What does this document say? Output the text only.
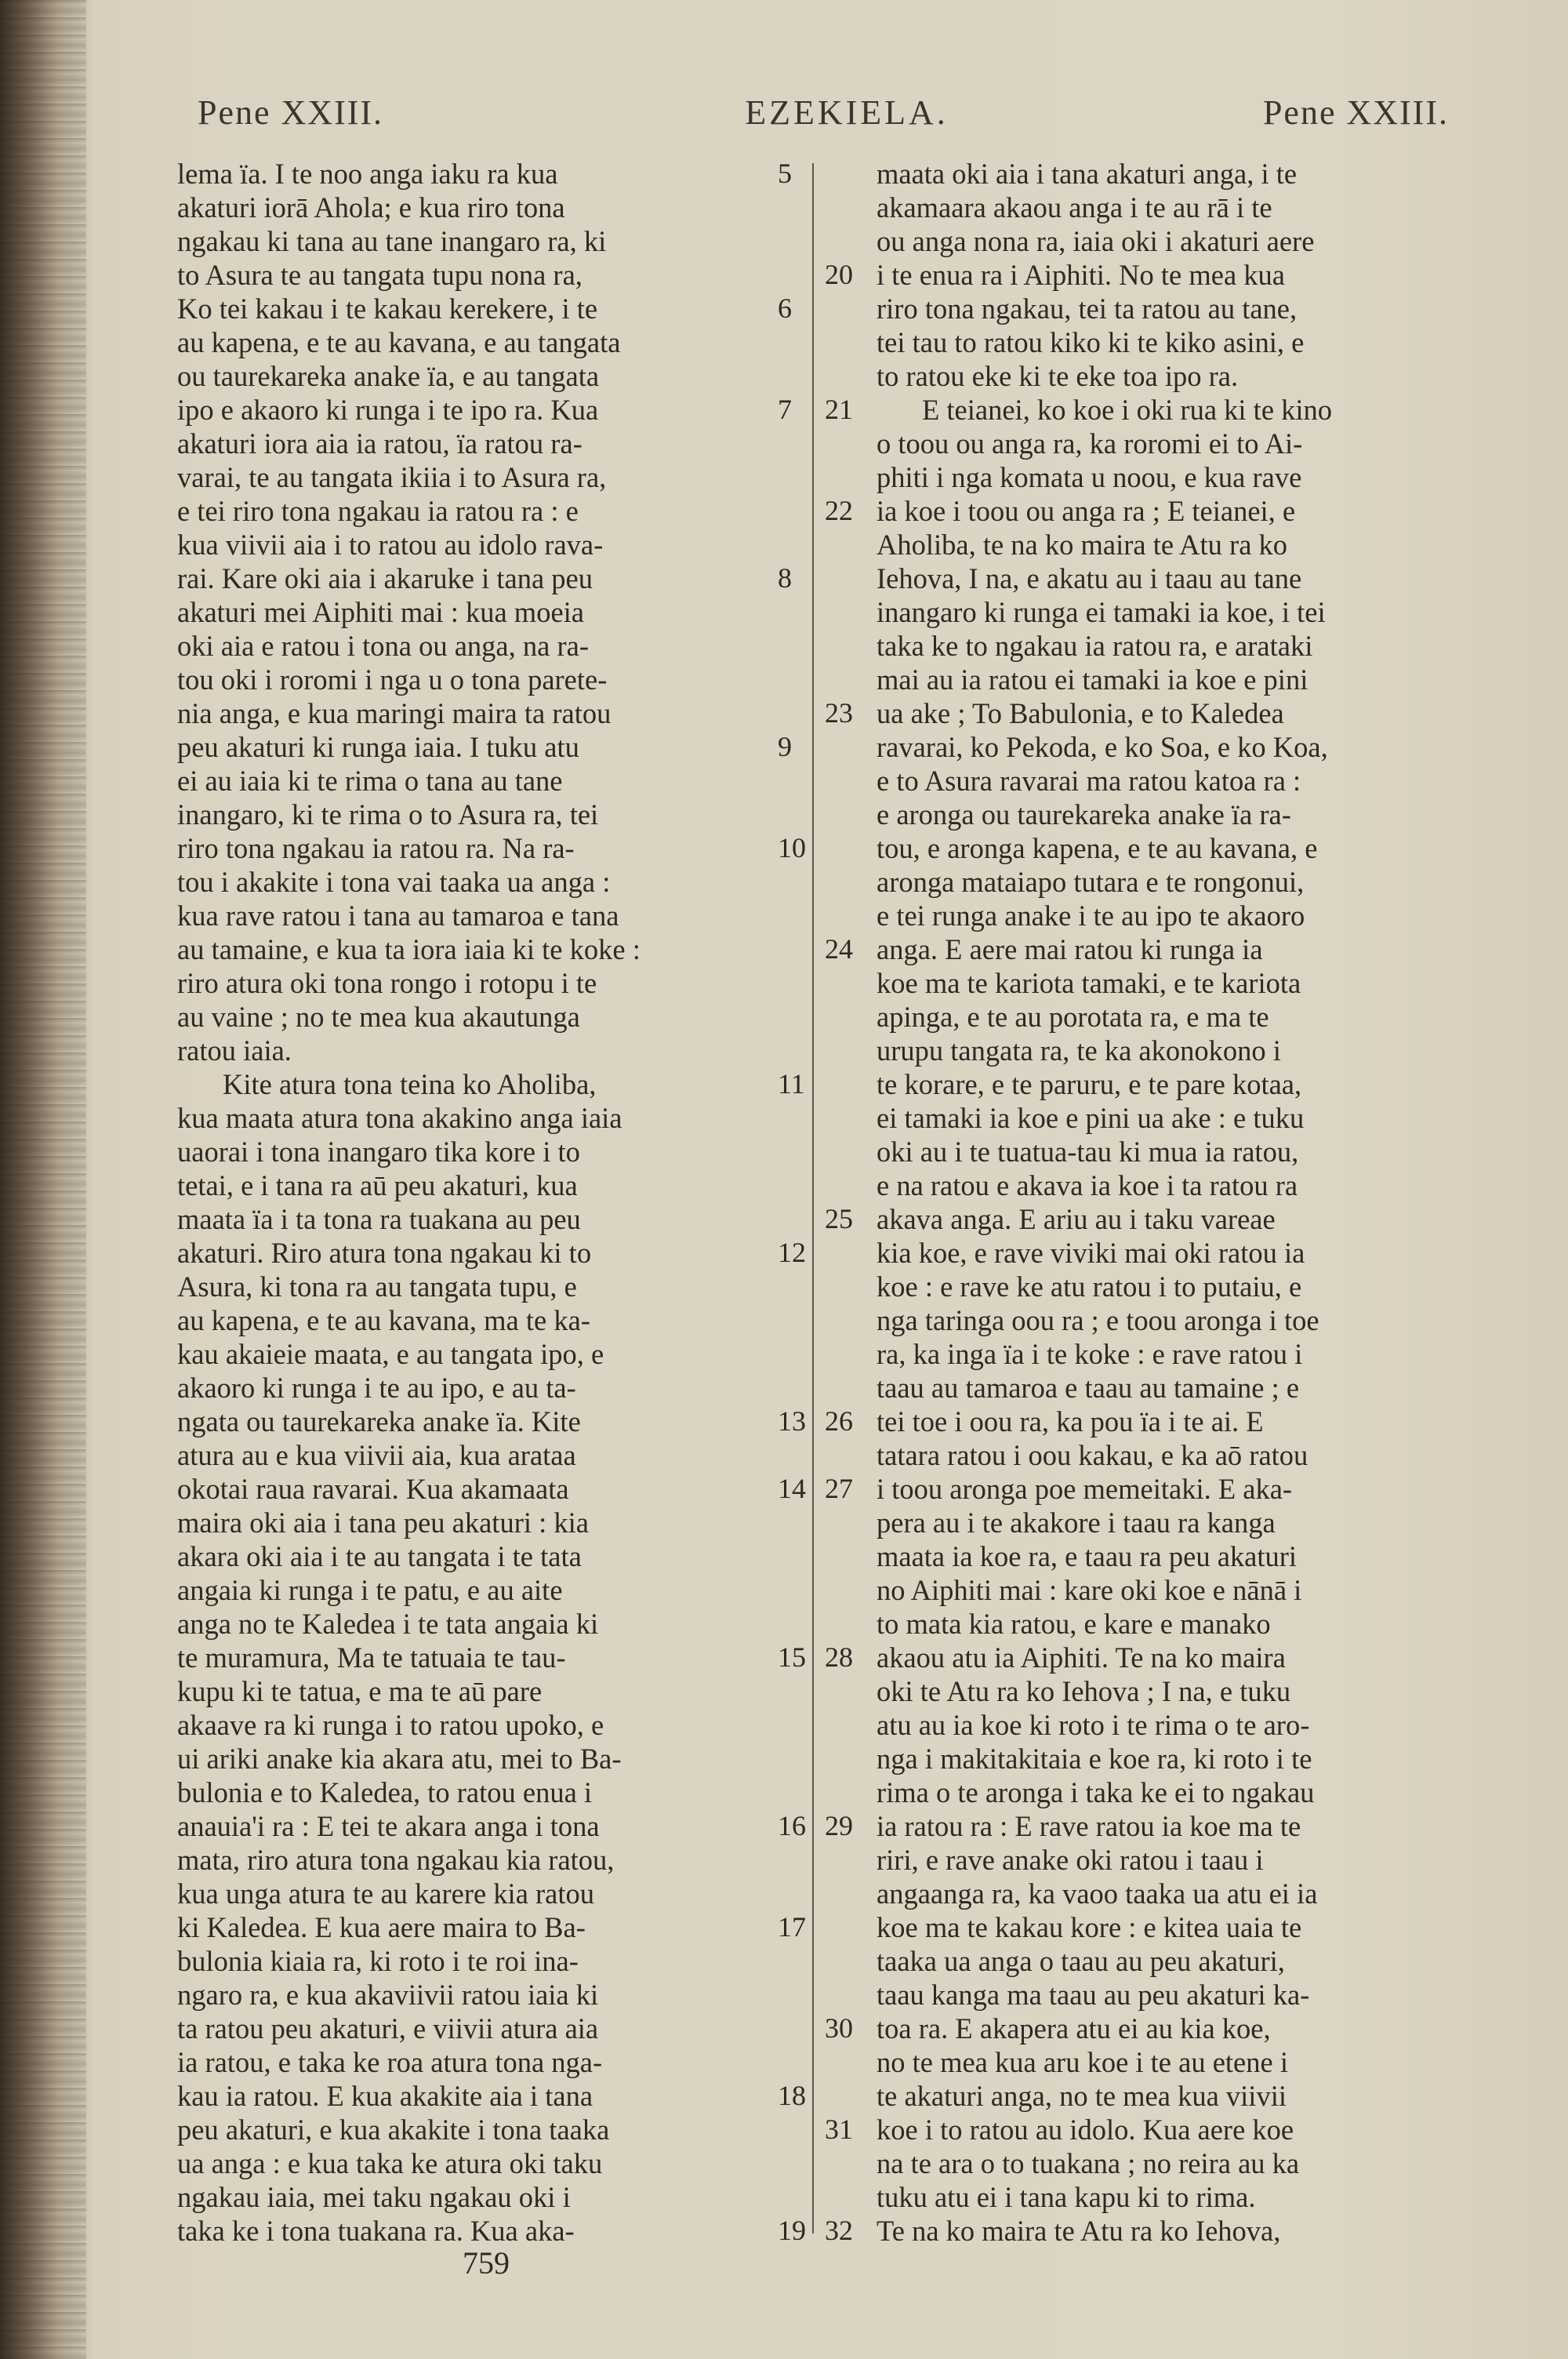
Pene XXIII.	EZEKIELA.	Pene XXIII.
lema ïa. I te noo anga iaku ra kua
akaturi iorā Ahola; e kua riro tona
ngakau ki tana au tane inangaro ra, ki
to Asura te au tangata tupu nona ra,
Ko tei kakau i te kakau kerekere, i te
au kapena, e te au kavana, e au tangata
ou taurekareka anake ïa, e au tangata
ipo e akaoro ki runga i te ipo ra. Kua
akaturi iora aia ia ratou, ïa ratou ra-
varai, te au tangata ikiia i to Asura ra,
e tei riro tona ngakau ia ratou ra : e
kua viivii aia i to ratou au idolo rava-
rai. Kare oki aia i akaruke i tana peu
akaturi mei Aiphiti mai : kua moeia
oki aia e ratou i tona ou anga, na ra-
tou oki i roromi i nga u o tona parete-
nia anga, e kua maringi maira ta ratou
peu akaturi ki runga iaia. I tuku atu
ei au iaia ki te rima o tana au tane
inangaro, ki te rima o to Asura ra, tei
riro tona ngakau ia ratou ra. Na ra-
tou i akakite i tona vai taaka ua anga :
kua rave ratou i tana au tamaroa e tana
au tamaine, e kua ta iora iaia ki te koke :
riro atura oki tona rongo i rotopu i te
au vaine ; no te mea kua akautunga
ratou iaia.
Kite atura tona teina ko Aholiba,
kua maata atura tona akakino anga iaia
uaorai i tona inangaro tika kore i to
tetai, e i tana ra aū peu akaturi, kua
maata ïa i ta tona ra tuakana au peu
akaturi. Riro atura tona ngakau ki to
Asura, ki tona ra au tangata tupu, e
au kapena, e te au kavana, ma te ka-
kau akaieie maata, e au tangata ipo, e
akaoro ki runga i te au ipo, e au ta-
ngata ou taurekareka anake ïa. Kite
atura au e kua viivii aia, kua arataa
okotai raua ravarai. Kua akamaata
maira oki aia i tana peu akaturi : kia
akara oki aia i te au tangata i te tata
angaia ki runga i te patu, e au aite
anga no te Kaledea i te tata angaia ki
te muramura, Ma te tatuaia te tau-
kupu ki te tatua, e ma te aū pare
akaave ra ki runga i to ratou upoko, e
ui ariki anake kia akara atu, mei to Ba-
bulonia e to Kaledea, to ratou enua i
anauia'i ra : E tei te akara anga i tona
mata, riro atura tona ngakau kia ratou,
kua unga atura te au karere kia ratou
ki Kaledea. E kua aere maira to Ba-
bulonia kiaia ra, ki roto i te roi ina-
ngaro ra, e kua akaviivii ratou iaia ki
ta ratou peu akaturi, e viivii atura aia
ia ratou, e taka ke roa atura tona nga-
kau ia ratou. E kua akakite aia i tana
peu akaturi, e kua akakite i tona taaka
ua anga : e kua taka ke atura oki taku
ngakau iaia, mei taku ngakau oki i
taka ke i tona tuakana ra. Kua aka-
5
6
7
8
9
10
11
12
13
14
15
16
17
18
19
20
21
22
23
24
25
26
27
28
29
30
31
32
maata oki aia i tana akaturi anga, i te
akamaara akaou anga i te au rā i te
ou anga nona ra, iaia oki i akaturi aere
i te enua ra i Aiphiti. No te mea kua
riro tona ngakau, tei ta ratou au tane,
tei tau to ratou kiko ki te kiko asini, e
to ratou eke ki te eke toa ipo ra.
E teianei, ko koe i oki rua ki te kino
o toou ou anga ra, ka roromi ei to Ai-
phiti i nga komata u noou, e kua rave
ia koe i toou ou anga ra ; E teianei, e
Aholiba, te na ko maira te Atu ra ko
Iehova, I na, e akatu au i taau au tane
inangaro ki runga ei tamaki ia koe, i tei
taka ke to ngakau ia ratou ra, e arataki
mai au ia ratou ei tamaki ia koe e pini
ua ake ; To Babulonia, e to Kaledea
ravarai, ko Pekoda, e ko Soa, e ko Koa,
e to Asura ravarai ma ratou katoa ra :
e aronga ou taurekareka anake ïa ra-
tou, e aronga kapena, e te au kavana, e
aronga mataiapo tutara e te rongonui,
e tei runga anake i te au ipo te akaoro
anga. E aere mai ratou ki runga ia
koe ma te kariota tamaki, e te kariota
apinga, e te au porotata ra, e ma te
urupu tangata ra, te ka akonokono i
te korare, e te paruru, e te pare kotaa,
ei tamaki ia koe e pini ua ake : e tuku
oki au i te tuatua-tau ki mua ia ratou,
e na ratou e akava ia koe i ta ratou ra
akava anga. E ariu au i taku vareae
kia koe, e rave viviki mai oki ratou ia
koe : e rave ke atu ratou i to putaiu, e
nga taringa oou ra ; e toou aronga i toe
ra, ka inga ïa i te koke : e rave ratou i
taau au tamaroa e taau au tamaine ; e
tei toe i oou ra, ka pou ïa i te ai. E
tatara ratou i oou kakau, e ka aō ratou
i toou aronga poe memeitaki. E aka-
pera au i te akakore i taau ra kanga
maata ia koe ra, e taau ra peu akaturi
no Aiphiti mai : kare oki koe e nānā i
to mata kia ratou, e kare e manako
akaou atu ia Aiphiti. Te na ko maira
oki te Atu ra ko Iehova ; I na, e tuku
atu au ia koe ki roto i te rima o te aro-
nga i makitakitaia e koe ra, ki roto i te
rima o te aronga i taka ke ei to ngakau
ia ratou ra : E rave ratou ia koe ma te
riri, e rave anake oki ratou i taau i
angaanga ra, ka vaoo taaka ua atu ei ia
koe ma te kakau kore : e kitea uaia te
taaka ua anga o taau au peu akaturi,
taau kanga ma taau au peu akaturi ka-
toa ra. E akapera atu ei au kia koe,
no te mea kua aru koe i te au etene i
te akaturi anga, no te mea kua viivii
koe i to ratou au idolo. Kua aere koe
na te ara o to tuakana ; no reira au ka
tuku atu ei i tana kapu ki to rima.
Te na ko maira te Atu ra ko Iehova,
759
